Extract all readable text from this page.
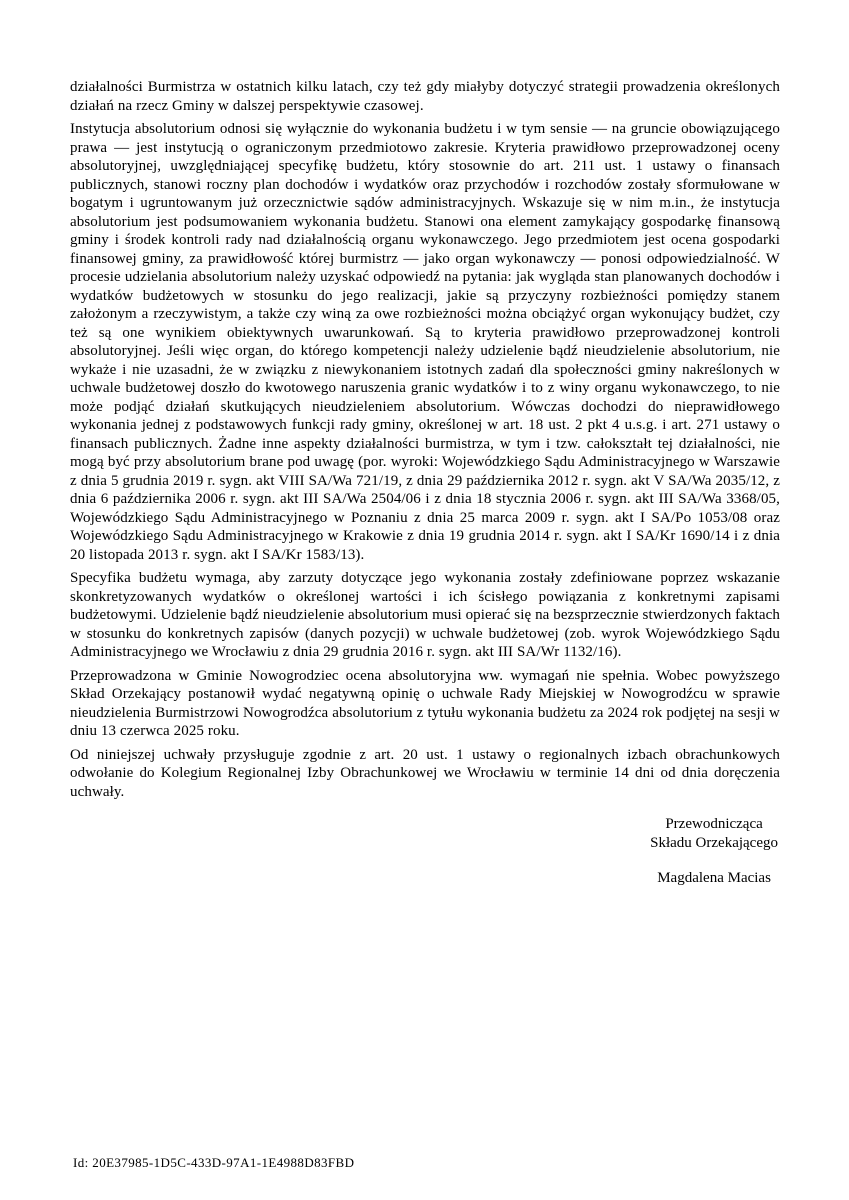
działalności Burmistrza w ostatnich kilku latach, czy też gdy miałyby dotyczyć strategii prowadzenia określonych działań na rzecz Gminy w dalszej perspektywie czasowej.

Instytucja absolutorium odnosi się wyłącznie do wykonania budżetu i w tym sensie — na gruncie obowiązującego prawa — jest instytucją o ograniczonym przedmiotowo zakresie. Kryteria prawidłowo przeprowadzonej oceny absolutoryjnej, uwzględniającej specyfikę budżetu, który stosownie do art. 211 ust. 1 ustawy o finansach publicznych, stanowi roczny plan dochodów i wydatków oraz przychodów i rozchodów zostały sformułowane w bogatym i ugruntowanym już orzecznictwie sądów administracyjnych. Wskazuje się w nim m.in., że instytucja absolutorium jest podsumowaniem wykonania budżetu. Stanowi ona element zamykający gospodarkę finansową gminy i środek kontroli rady nad działalnością organu wykonawczego. Jego przedmiotem jest ocena gospodarki finansowej gminy, za prawidłowość której burmistrz — jako organ wykonawczy — ponosi odpowiedzialność. W procesie udzielania absolutorium należy uzyskać odpowiedź na pytania: jak wygląda stan planowanych dochodów i wydatków budżetowych w stosunku do jego realizacji, jakie są przyczyny rozbieżności pomiędzy stanem założonym a rzeczywistym, a także czy winą za owe rozbieżności można obciążyć organ wykonujący budżet, czy też są one wynikiem obiektywnych uwarunkowań. Są to kryteria prawidłowo przeprowadzonej kontroli absolutoryjnej. Jeśli więc organ, do którego kompetencji należy udzielenie bądź nieudzielenie absolutorium, nie wykaże i nie uzasadni, że w związku z niewykonaniem istotnych zadań dla społeczności gminy nakreślonych w uchwale budżetowej doszło do kwotowego naruszenia granic wydatków i to z winy organu wykonawczego, to nie może podjąć działań skutkujących nieudzieleniem absolutorium. Wówczas dochodzi do nieprawidłowego wykonania jednej z podstawowych funkcji rady gminy, określonej w art. 18 ust. 2 pkt 4 u.s.g. i art. 271 ustawy o finansach publicznych. Żadne inne aspekty działalności burmistrza, w tym i tzw. całokształt tej działalności, nie mogą być przy absolutorium brane pod uwagę (por. wyroki: Wojewódzkiego Sądu Administracyjnego w Warszawie z dnia 5 grudnia 2019 r. sygn. akt VIII SA/Wa 721/19, z dnia 29 października 2012 r. sygn. akt V SA/Wa 2035/12, z dnia 6 października 2006 r. sygn. akt III SA/Wa 2504/06 i z dnia 18 stycznia 2006 r. sygn. akt III SA/Wa 3368/05, Wojewódzkiego Sądu Administracyjnego w Poznaniu z dnia 25 marca 2009 r. sygn. akt I SA/Po 1053/08 oraz Wojewódzkiego Sądu Administracyjnego w Krakowie z dnia 19 grudnia 2014 r. sygn. akt I SA/Kr 1690/14 i z dnia 20 listopada 2013 r. sygn. akt I SA/Kr 1583/13).

Specyfika budżetu wymaga, aby zarzuty dotyczące jego wykonania zostały zdefiniowane poprzez wskazanie skonkretyzowanych wydatków o określonej wartości i ich ścisłego powiązania z konkretnymi zapisami budżetowymi. Udzielenie bądź nieudzielenie absolutorium musi opierać się na bezsprzecznie stwierdzonych faktach w stosunku do konkretnych zapisów (danych pozycji) w uchwale budżetowej (zob. wyrok Wojewódzkiego Sądu Administracyjnego we Wrocławiu z dnia 29 grudnia 2016 r. sygn. akt III SA/Wr 1132/16).

Przeprowadzona w Gminie Nowogrodziec ocena absolutoryjna ww. wymagań nie spełnia. Wobec powyższego Skład Orzekający postanowił wydać negatywną opinię o uchwale Rady Miejskiej w Nowogrodźcu w sprawie nieudzielenia Burmistrzowi Nowogrodźca absolutorium z tytułu wykonania budżetu za 2024 rok podjętej na sesji w dniu 13 czerwca 2025 roku.

Od niniejszej uchwały przysługuje zgodnie z art. 20 ust. 1 ustawy o regionalnych izbach obrachunkowych odwołanie do Kolegium Regionalnej Izby Obrachunkowej we Wrocławiu w terminie 14 dni od dnia doręczenia uchwały.

Przewodnicząca
Składu Orzekającego
Magdalena Macias
Id: 20E37985-1D5C-433D-97A1-1E4988D83FBD
